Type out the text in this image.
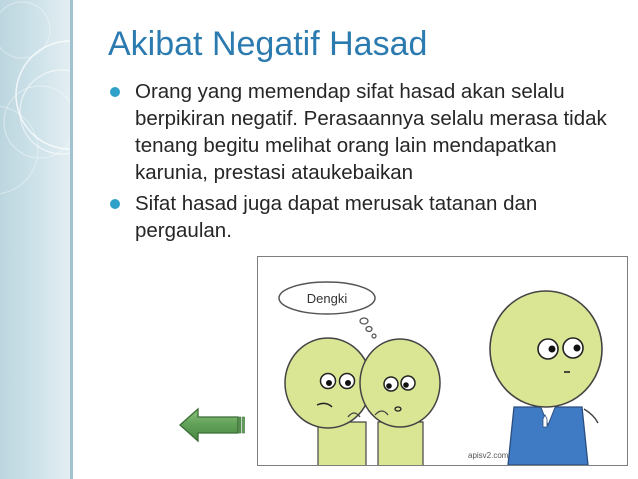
Akibat Negatif Hasad
Orang yang memendap sifat hasad akan selalu berpikiran negatif. Perasaannya selalu merasa tidak tenang begitu melihat orang lain mendapatkan karunia, prestasi ataukebaikan
Sifat hasad juga dapat merusak tatanan dan pergaulan.
Dengki
apisv2.com
